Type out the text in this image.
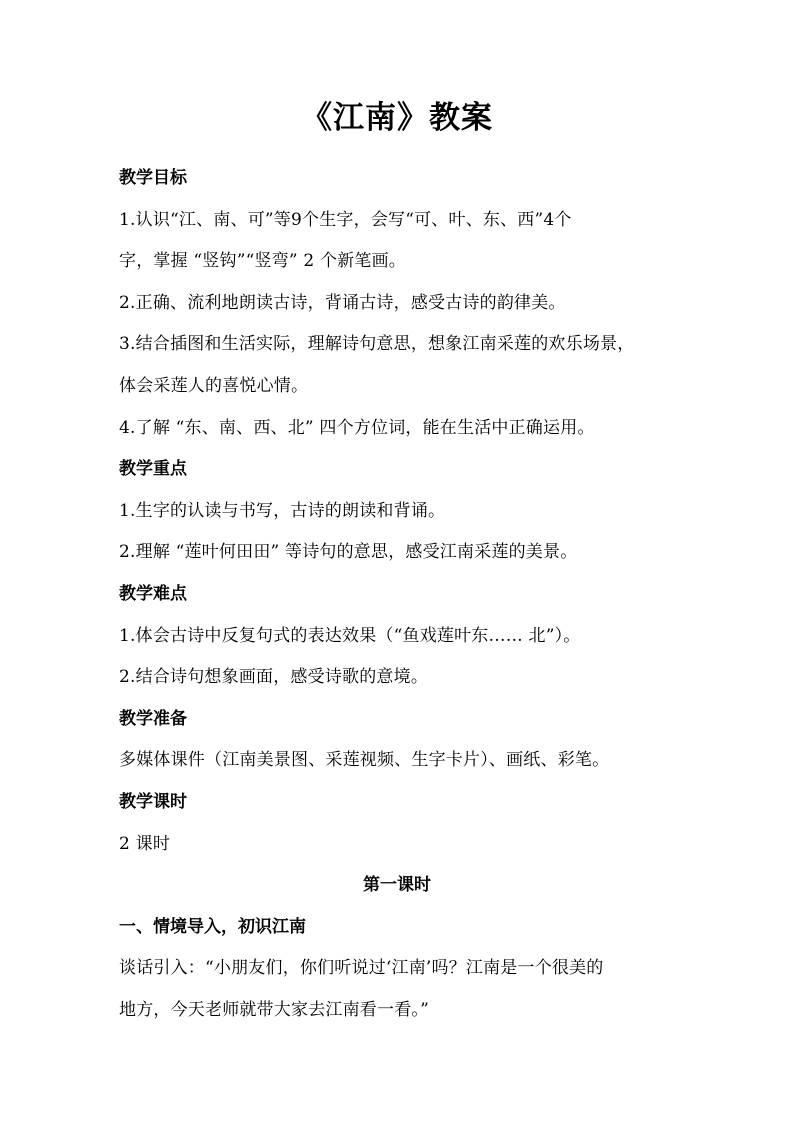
《江南》教案

教学目标

1.认识“江、南、可”等9个生字，会写“可、叶、东、西”4个

字，掌握 “竖钩”“竖弯” 2 个新笔画。

2.正确、流利地朗读古诗，背诵古诗，感受古诗的韵律美。

3.结合插图和生活实际，理解诗句意思，想象江南采莲的欢乐场景，

体会采莲人的喜悦心情。

4.了解 “东、南、西、北” 四个方位词，能在生活中正确运用。

教学重点

1.生字的认读与书写，古诗的朗读和背诵。

2.理解 “莲叶何田田” 等诗句的意思，感受江南采莲的美景。

教学难点

1.体会古诗中反复句式的表达效果（“鱼戏莲叶东…… 北”）。

2.结合诗句想象画面，感受诗歌的意境。

教学准备

多媒体课件（江南美景图、采莲视频、生字卡片）、画纸、彩笔。

教学课时

2 课时

第一课时

一、情境导入，初识江南

谈话引入：“小朋友们，你们听说过‘江南’吗？江南是一个很美的

地方，今天老师就带大家去江南看一看。”
